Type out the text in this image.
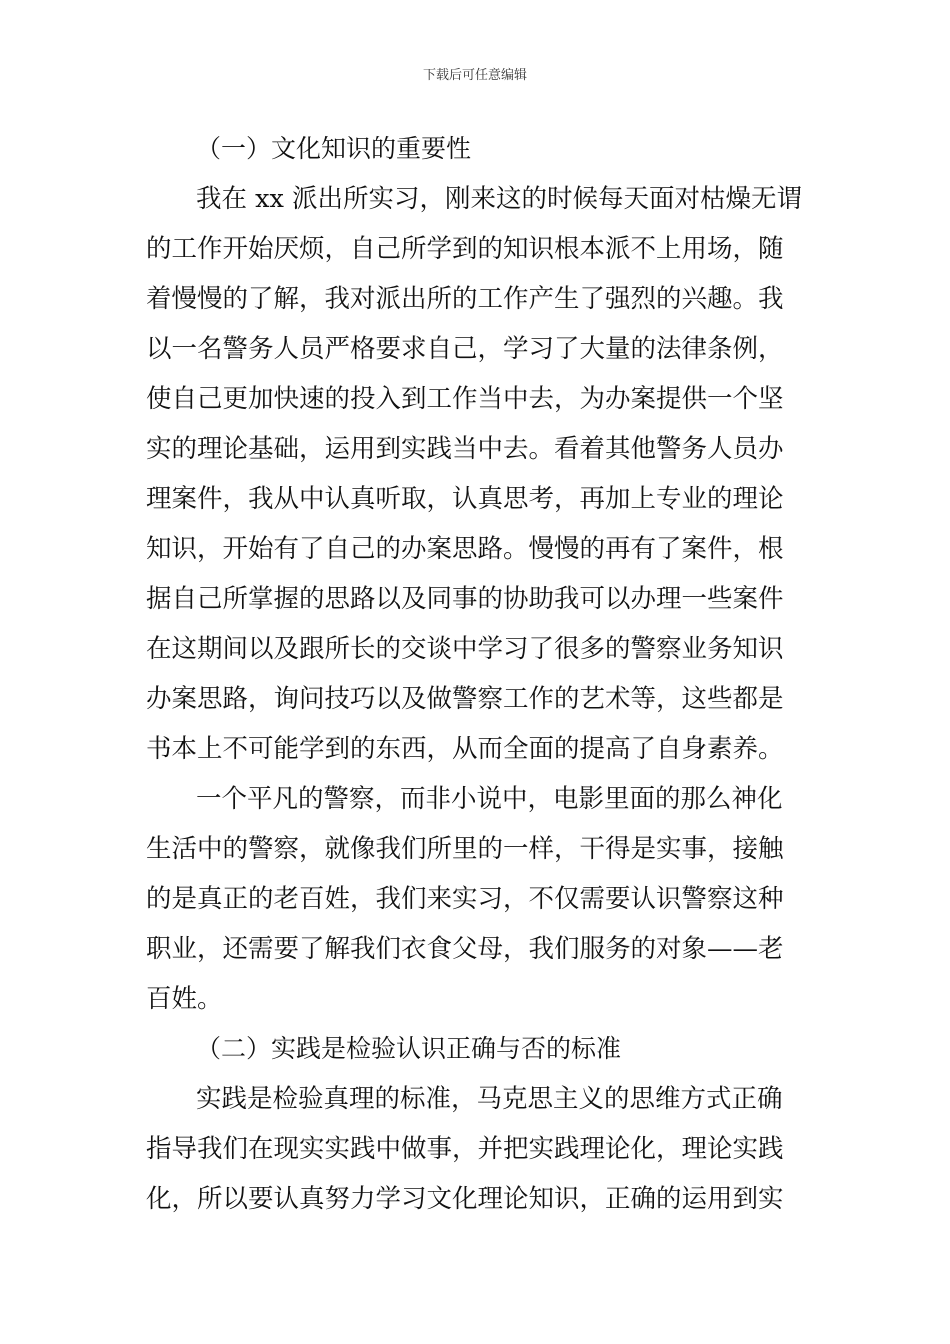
下载后可任意编辑
（一）文化知识的重要性
我在 xx 派出所实习，刚来这的时候每天面对枯燥无谓
的工作开始厌烦，自己所学到的知识根本派不上用场，随
着慢慢的了解，我对派出所的工作产生了强烈的兴趣。我
以一名警务人员严格要求自己，学习了大量的法律条例，
使自己更加快速的投入到工作当中去，为办案提供一个坚
实的理论基础，运用到实践当中去。看着其他警务人员办
理案件，我从中认真听取，认真思考，再加上专业的理论
知识，开始有了自己的办案思路。慢慢的再有了案件，根
据自己所掌握的思路以及同事的协助我可以办理一些案件
在这期间以及跟所长的交谈中学习了很多的警察业务知识
办案思路，询问技巧以及做警察工作的艺术等，这些都是
书本上不可能学到的东西，从而全面的提高了自身素养。
一个平凡的警察，而非小说中，电影里面的那么神化
生活中的警察，就像我们所里的一样，干得是实事，接触
的是真正的老百姓，我们来实习，不仅需要认识警察这种
职业，还需要了解我们衣食父母，我们服务的对象——老
百姓。
（二）实践是检验认识正确与否的标准
实践是检验真理的标准，马克思主义的思维方式正确
指导我们在现实实践中做事，并把实践理论化，理论实践
化，所以要认真努力学习文化理论知识，正确的运用到实
